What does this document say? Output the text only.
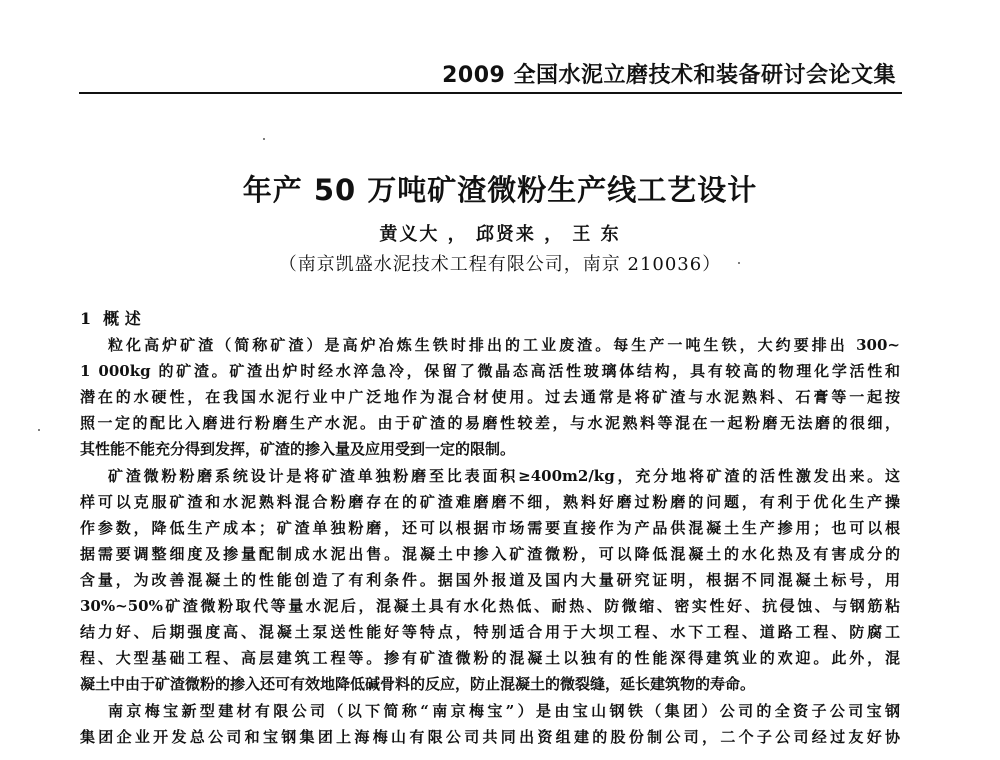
2009 全国水泥立磨技术和装备研讨会论文集
年产 50 万吨矿渣微粉生产线工艺设计
黄义大 ， 邱贤来 ， 王 东
（南京凯盛水泥技术工程有限公司，南京 210036）
1 概 述
粒化高炉矿渣（简称矿渣）是高炉冶炼生铁时排出的工业废渣。每生产一吨生铁，大约要排出 300~
1 000kg 的矿渣。矿渣出炉时经水淬急冷，保留了微晶态高活性玻璃体结构，具有较高的物理化学活性和
潜在的水硬性，在我国水泥行业中广泛地作为混合材使用。过去通常是将矿渣与水泥熟料、石膏等一起按
照一定的配比入磨进行粉磨生产水泥。由于矿渣的易磨性较差，与水泥熟料等混在一起粉磨无法磨的很细，
其性能不能充分得到发挥，矿渣的掺入量及应用受到一定的限制。
矿渣微粉粉磨系统设计是将矿渣单独粉磨至比表面积≥400m2/kg，充分地将矿渣的活性激发出来。这
样可以克服矿渣和水泥熟料混合粉磨存在的矿渣难磨磨不细，熟料好磨过粉磨的问题，有利于优化生产操
作参数，降低生产成本；矿渣单独粉磨，还可以根据市场需要直接作为产品供混凝土生产掺用；也可以根
据需要调整细度及掺量配制成水泥出售。混凝土中掺入矿渣微粉，可以降低混凝土的水化热及有害成分的
含量，为改善混凝土的性能创造了有利条件。据国外报道及国内大量研究证明，根据不同混凝土标号，用
30%~50%矿渣微粉取代等量水泥后，混凝土具有水化热低、耐热、防微缩、密实性好、抗侵蚀、与钢筋粘
结力好、后期强度高、混凝土泵送性能好等特点，特别适合用于大坝工程、水下工程、道路工程、防腐工
程、大型基础工程、高层建筑工程等。掺有矿渣微粉的混凝土以独有的性能深得建筑业的欢迎。此外，混
凝土中由于矿渣微粉的掺入还可有效地降低碱骨料的反应，防止混凝土的微裂缝，延长建筑物的寿命。
南京梅宝新型建材有限公司（以下简称“南京梅宝”）是由宝山钢铁（集团）公司的全资子公司宝钢
集团企业开发总公司和宝钢集团上海梅山有限公司共同出资组建的股份制公司，二个子公司经过友好协
